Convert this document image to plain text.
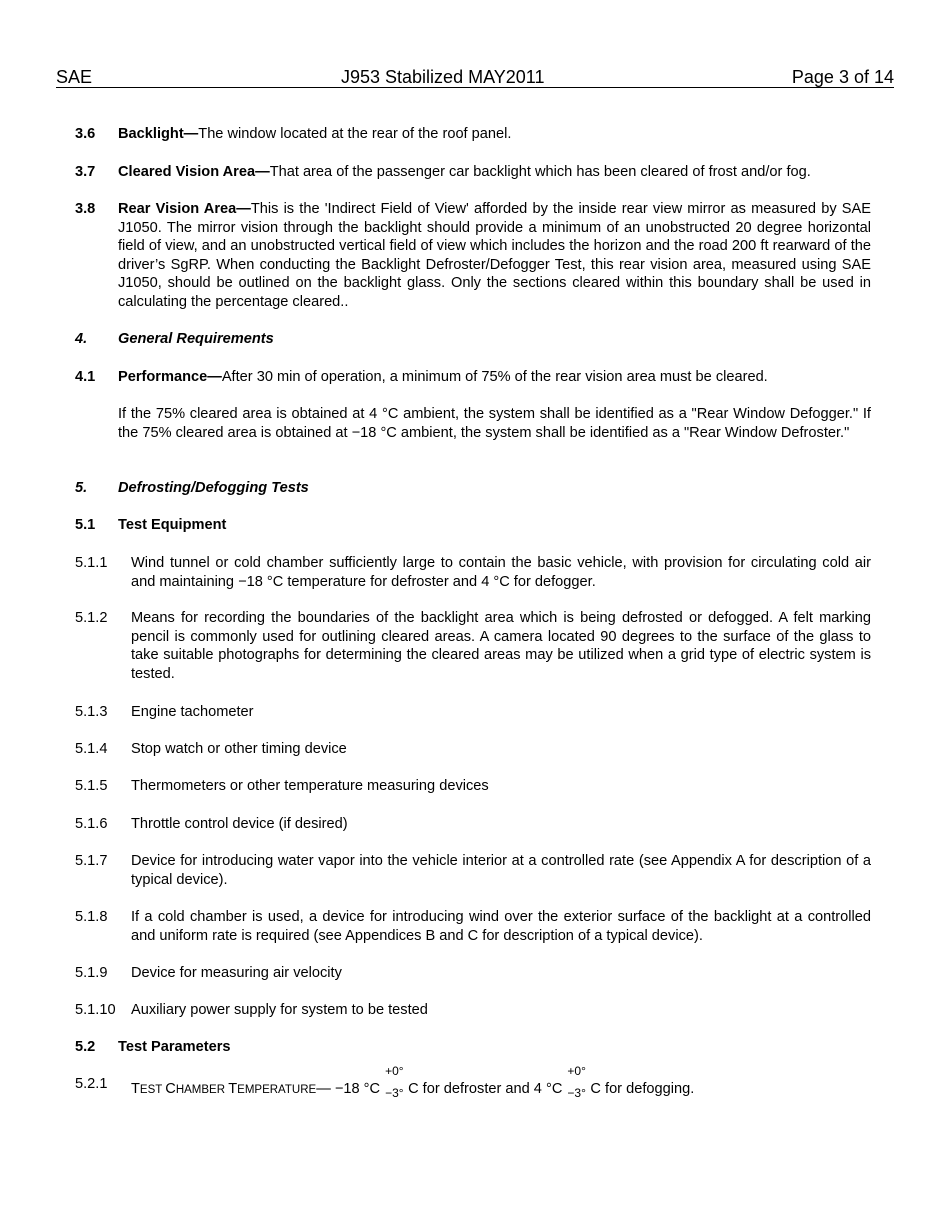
SAE	J953 Stabilized MAY2011	Page 3 of 14
3.6 Backlight—The window located at the rear of the roof panel.
3.7 Cleared Vision Area—That area of the passenger car backlight which has been cleared of frost and/or fog.
3.8 Rear Vision Area—This is the 'Indirect Field of View' afforded by the inside rear view mirror as measured by SAE J1050. The mirror vision through the backlight should provide a minimum of an unobstructed 20 degree horizontal field of view, and an unobstructed vertical field of view which includes the horizon and the road 200 ft rearward of the driver’s SgRP. When conducting the Backlight Defroster/Defogger Test, this rear vision area, measured using SAE J1050, should be outlined on the backlight glass. Only the sections cleared within this boundary shall be used in calculating the percentage cleared..
4. General Requirements
4.1 Performance—After 30 min of operation, a minimum of 75% of the rear vision area must be cleared.
If the 75% cleared area is obtained at 4 °C ambient, the system shall be identified as a "Rear Window Defogger." If the 75% cleared area is obtained at −18 °C ambient, the system shall be identified as a "Rear Window Defroster."
5. Defrosting/Defogging Tests
5.1 Test Equipment
5.1.1 Wind tunnel or cold chamber sufficiently large to contain the basic vehicle, with provision for circulating cold air and maintaining −18 °C temperature for defroster and 4 °C for defogger.
5.1.2 Means for recording the boundaries of the backlight area which is being defrosted or defogged. A felt marking pencil is commonly used for outlining cleared areas. A camera located 90 degrees to the surface of the glass to take suitable photographs for determining the cleared areas may be utilized when a grid type of electric system is tested.
5.1.3 Engine tachometer
5.1.4 Stop watch or other timing device
5.1.5 Thermometers or other temperature measuring devices
5.1.6 Throttle control device (if desired)
5.1.7 Device for introducing water vapor into the vehicle interior at a controlled rate (see Appendix A for description of a typical device).
5.1.8 If a cold chamber is used, a device for introducing wind over the exterior surface of the backlight at a controlled and uniform rate is required (see Appendices B and C for description of a typical device).
5.1.9 Device for measuring air velocity
5.1.10 Auxiliary power supply for system to be tested
5.2 Test Parameters
5.2.1 TEST CHAMBER TEMPERATURE— −18 °C
+0°
−3° C for defroster and 4 °C
+0°
−3° C for defogging.
